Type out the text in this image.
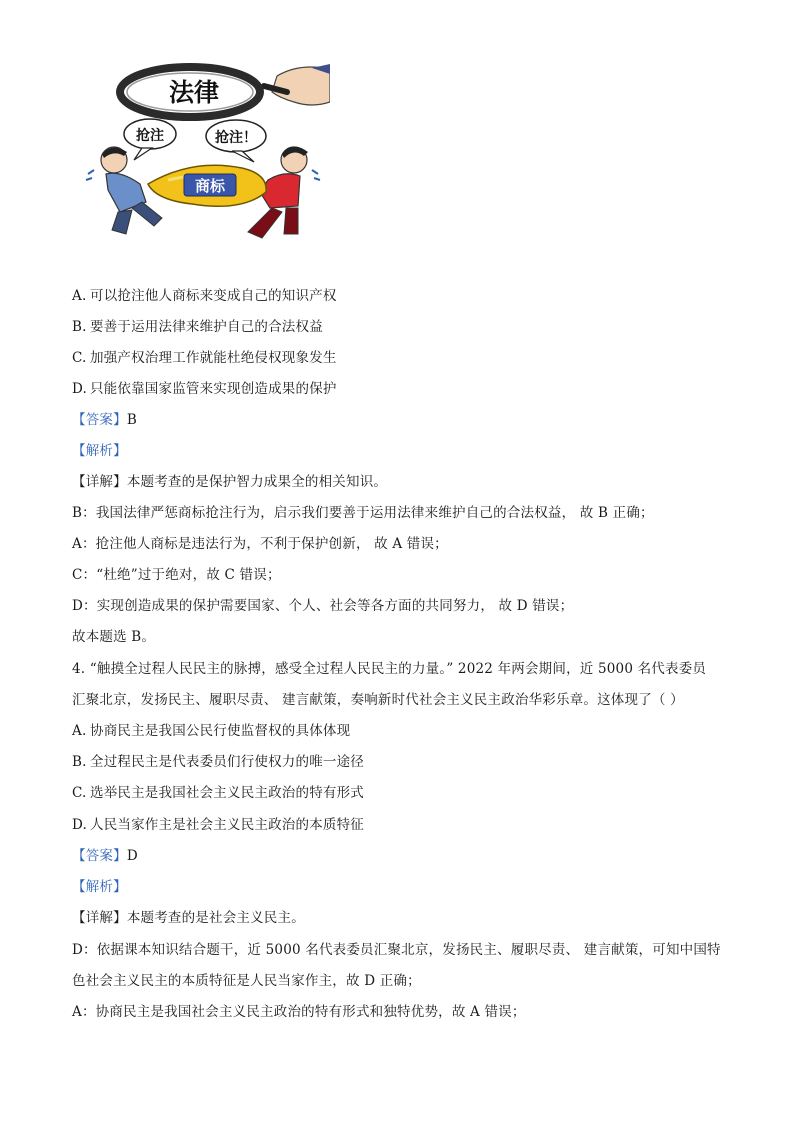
法律
抢注	抢注！
商标
A. 可以抢注他人商标来变成自己的知识产权
B. 要善于运用法律来维护自己的合法权益
C. 加强产权治理工作就能杜绝侵权现象发生
D. 只能依靠国家监管来实现创造成果的保护
【答案】B
【解析】
【详解】本题考查的是保护智力成果全的相关知识。
B：我国法律严惩商标抢注行为，启示我们要善于运用法律来维护自己的合法权益， 故 B 正确；
A：抢注他人商标是违法行为，不利于保护创新， 故 A 错误；
C：“杜绝”过于绝对，故 C 错误；
D：实现创造成果的保护需要国家、个人、社会等各方面的共同努力， 故 D 错误；
故本题选 B。
4. “触摸全过程人民民主的脉搏，感受全过程人民民主的力量。” 2022 年两会期间，近 5000 名代表委员
汇聚北京，发扬民主、履职尽责、 建言献策，奏响新时代社会主义民主政治华彩乐章。这体现了（ ）
A. 协商民主是我国公民行使监督权的具体体现
B. 全过程民主是代表委员们行使权力的唯一途径
C. 选举民主是我国社会主义民主政治的特有形式
D. 人民当家作主是社会主义民主政治的本质特征
【答案】D
【解析】
【详解】本题考查的是社会主义民主。
D：依据课本知识结合题干，近 5000 名代表委员汇聚北京，发扬民主、履职尽责、 建言献策，可知中国特
色社会主义民主的本质特征是人民当家作主，故 D 正确；
A：协商民主是我国社会主义民主政治的特有形式和独特优势，故 A 错误；
